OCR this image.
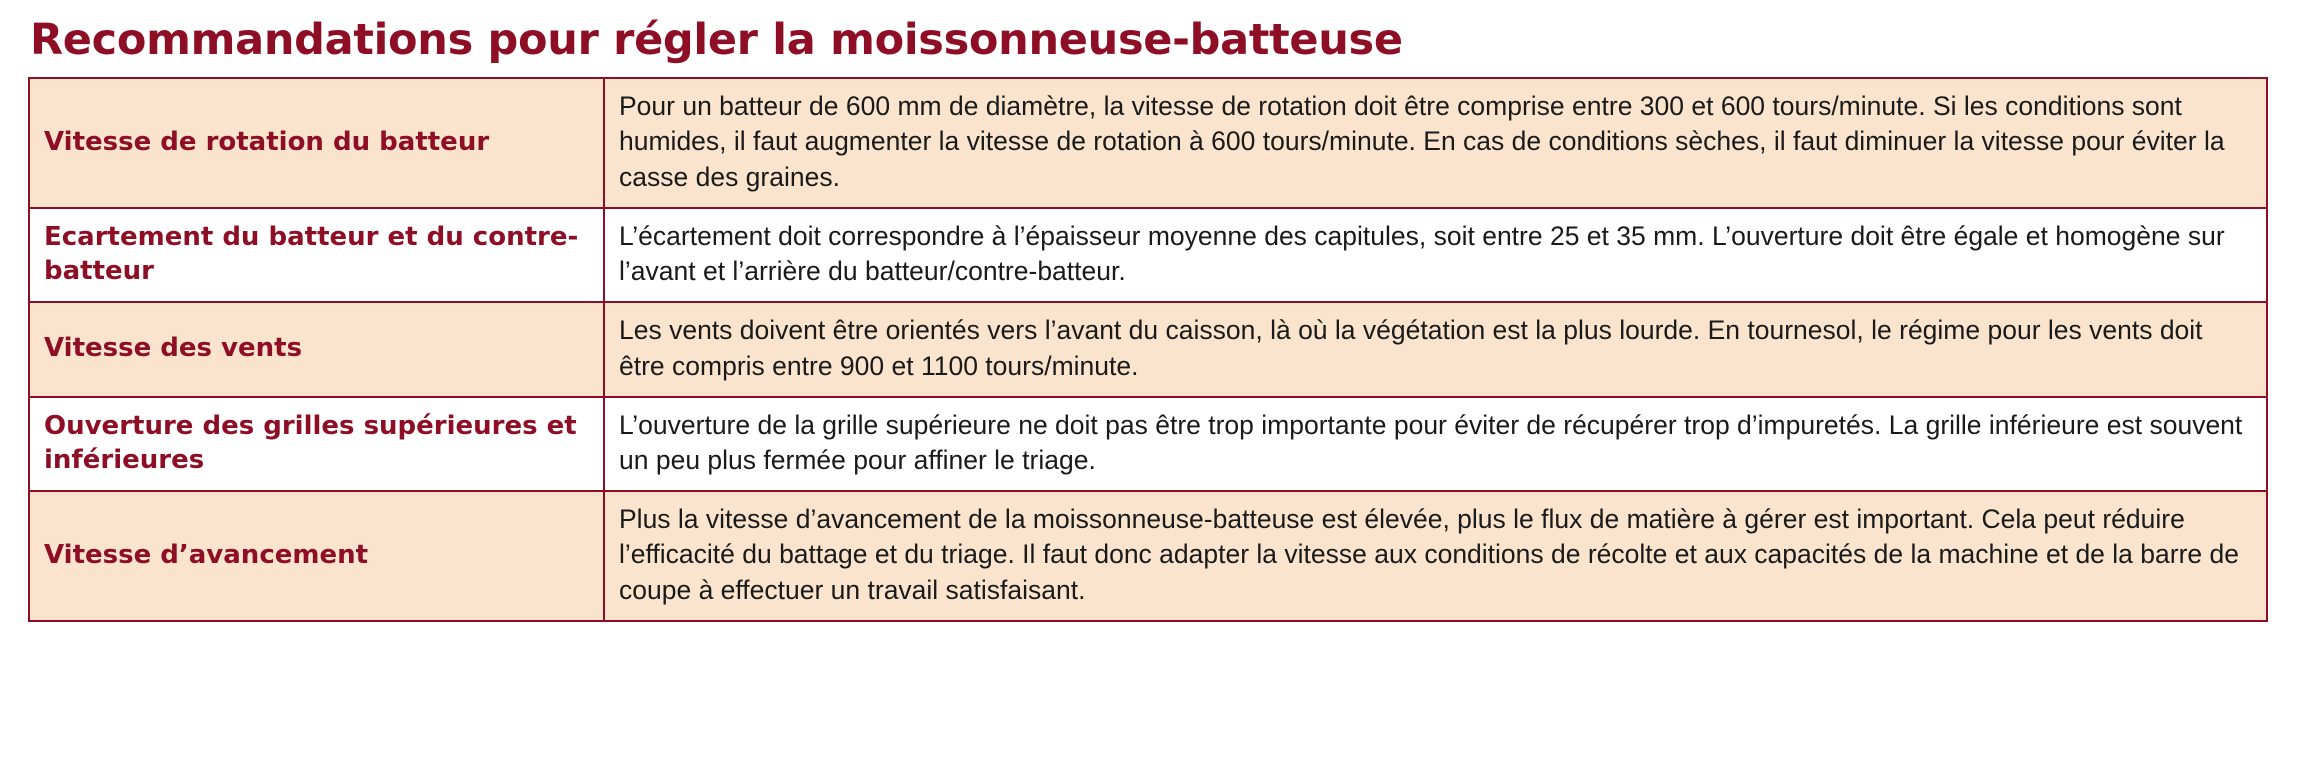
Recommandations pour régler la moissonneuse-batteuse
Vitesse de rotation du batteur	Pour un batteur de 600 mm de diamètre, la vitesse de rotation doit être comprise entre 300 et 600 tours/minute. Si les conditions sont humides, il faut augmenter la vitesse de rotation à 600 tours/minute. En cas de conditions sèches, il faut diminuer la vitesse pour éviter la casse des graines.
Ecartement du batteur et du contre-batteur	L’écartement doit correspondre à l’épaisseur moyenne des capitules, soit entre 25 et 35 mm. L’ouverture doit être égale et homogène sur l’avant et l’arrière du batteur/contre-batteur.
Vitesse des vents	Les vents doivent être orientés vers l’avant du caisson, là où la végétation est la plus lourde. En tournesol, le régime pour les vents doit être compris entre 900 et 1100 tours/minute.
Ouverture des grilles supérieures et inférieures	L’ouverture de la grille supérieure ne doit pas être trop importante pour éviter de récupérer trop d’impuretés. La grille inférieure est souvent un peu plus fermée pour affiner le triage.
Vitesse d’avancement	Plus la vitesse d’avancement de la moissonneuse-batteuse est élevée, plus le flux de matière à gérer est important. Cela peut réduire l’efficacité du battage et du triage. Il faut donc adapter la vitesse aux conditions de récolte et aux capacités de la machine et de la barre de coupe à effectuer un travail satisfaisant.
